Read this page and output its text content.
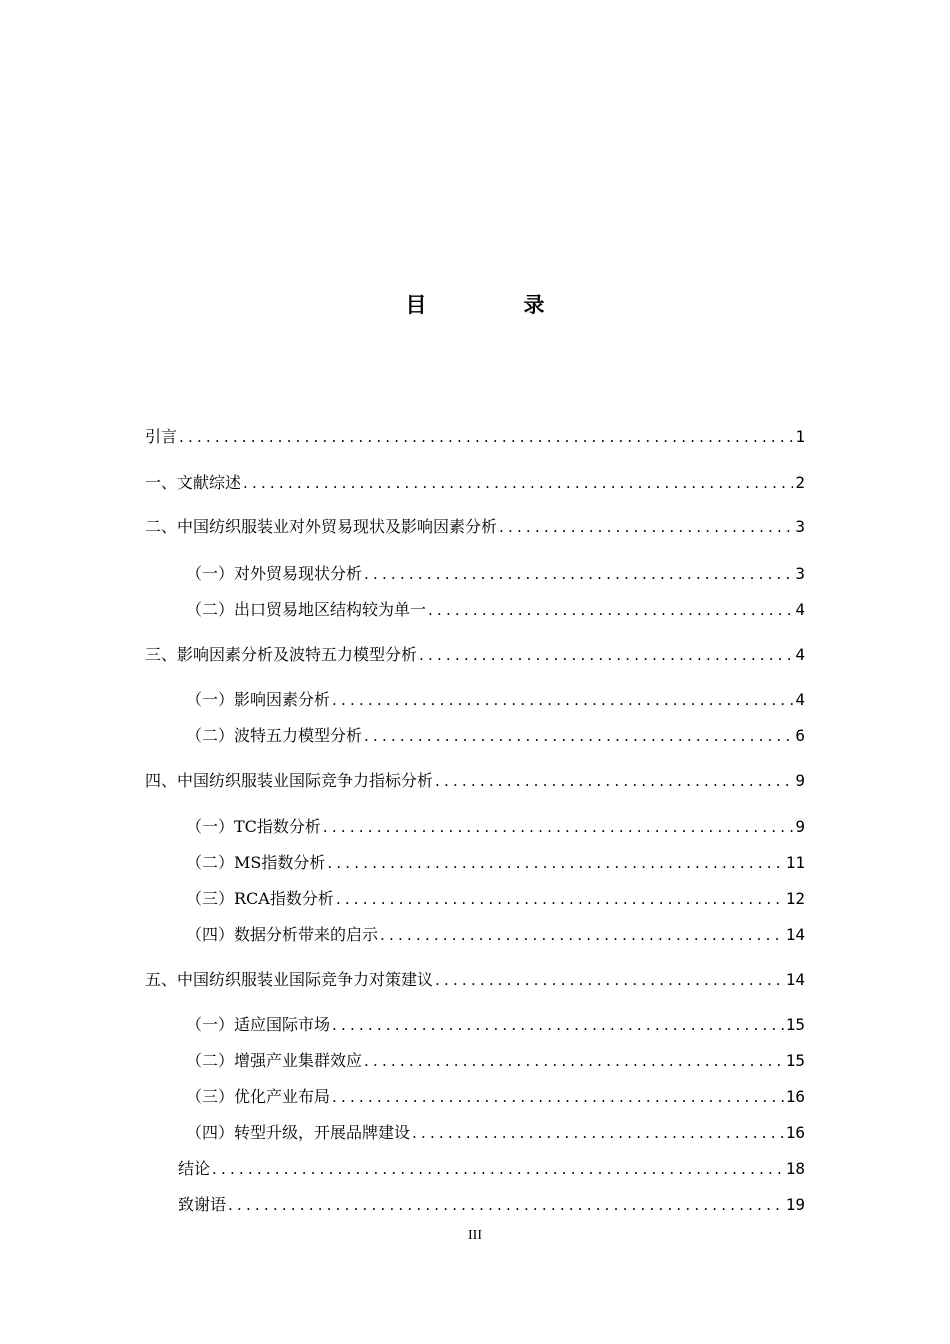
目　录
引言 .....	1
一、文献综述 .....	2
二、中国纺织服装业对外贸易现状及影响因素分析 .....	3
（一）对外贸易现状分析 .....	3
（二）出口贸易地区结构较为单一 .....	4
三、影响因素分析及波特五力模型分析 .....	4
（一）影响因素分析 .....	4
（二）波特五力模型分析 .....	6
四、中国纺织服装业国际竞争力指标分析 .....	9
（一）TC指数分析 .....	9
（二）MS指数分析 .....	11
（三）RCA指数分析 .....	12
（四）数据分析带来的启示 .....	14
五、中国纺织服装业国际竞争力对策建议 .....	14
（一）适应国际市场 .....	15
（二）增强产业集群效应 .....	15
（三）优化产业布局 .....	16
（四）转型升级，开展品牌建设 .....	16
结论 .....	18
致谢语 .....	19
III
